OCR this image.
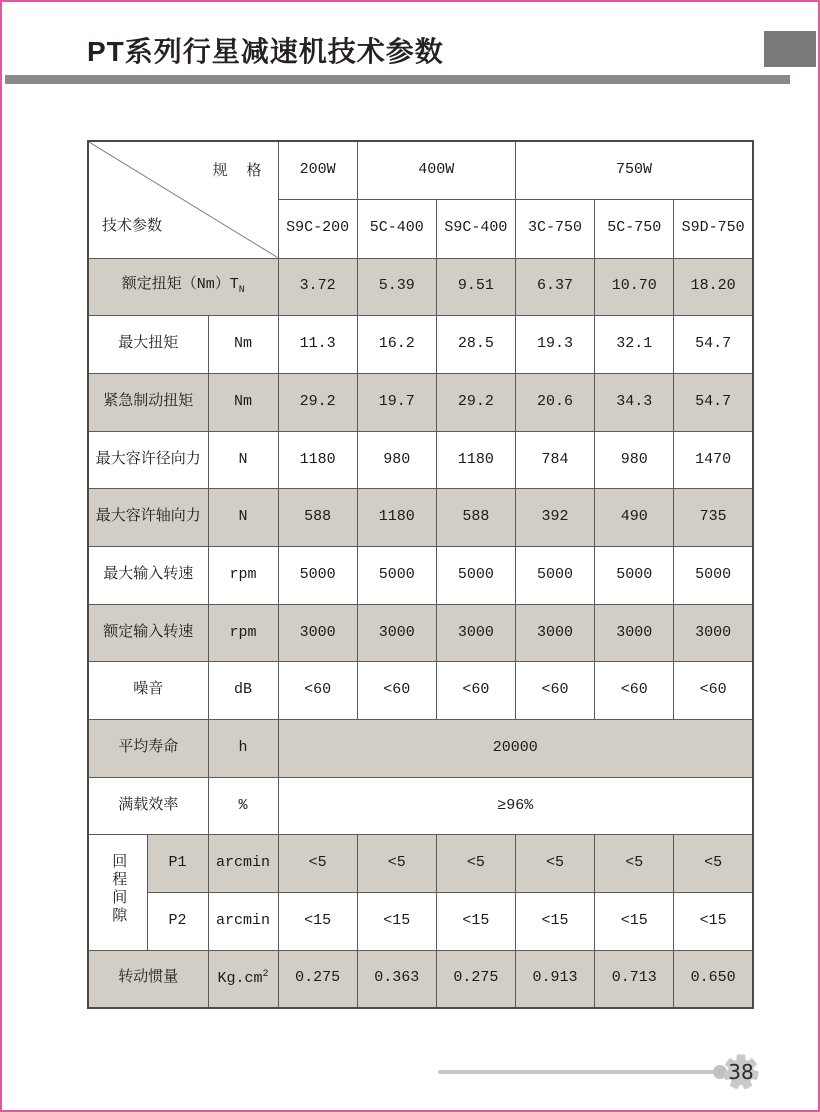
PT系列行星减速机技术参数
规　格
技术参数			200W	400W		750W		
			S9C-200	5C-400	S9C-400	3C-750	5C-750	S9D-750
额定扭矩$(Nm)T_N$			3.72	5.39	9.51	6.37	10.70	18.20
最大扭矩		Nm	11.3	16.2	28.5	19.3	32.1	54.7
紧急制动扭矩		Nm	29.2	19.7	29.2	20.6	34.3	54.7
最大容许径向力		N	1180	980	1180	784	980	1470
最大容许轴向力		N	588	1180	588	392	490	735
最大输入转速		rpm	5000	5000	5000	5000	5000	5000
额定输入转速		rpm	3000	3000	3000	3000	3000	3000
噪音		dB	<60	<60	<60	<60	<60	<60
平均寿命		h	20000					
满载效率		%	≥96%					
回程间隙	P1	arcmin	<5	<5	<5	<5	<5	<5
	P2	arcmin	<15	<15	<15	<15	<15	<15
转动惯量		$Kg.cm^2$	0.275	0.363	0.275	0.913	0.713	0.650
38
